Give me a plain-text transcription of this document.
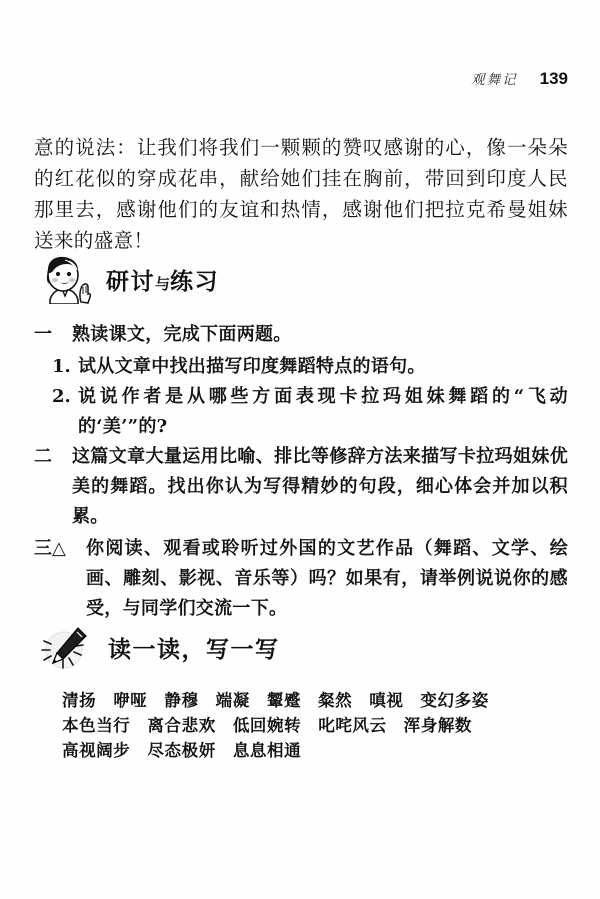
观舞记 139

意的说法：让我们将我们一颗颗的赞叹感谢的心，像一朵朵的红花似的穿成花串，献给她们挂在胸前，带回到印度人民那里去，感谢他们的友谊和热情，感谢他们把拉克希曼姐妹送来的盛意！

研讨与练习
一	熟读课文，完成下面两题。
1. 试从文章中找出描写印度舞蹈特点的语句。
2. 说说作者是从哪些方面表现卡拉玛姐妹舞蹈的“飞动的‘美’”的?
二	这篇文章大量运用比喻、排比等修辞方法来描写卡拉玛姐妹优美的舞蹈。找出你认为写得精妙的句段，细心体会并加以积累。
三△	你阅读、观看或聆听过外国的文艺作品（舞蹈、文学、绘画、雕刻、影视、音乐等）吗？如果有，请举例说说你的感受，与同学们交流一下。
读一读，写一写
清扬 咿哑 静穆 端凝 颦蹙 粲然 嗔视 变幻多姿
本色当行 离合悲欢 低回婉转 叱咤风云 浑身解数
高视阔步 尽态极妍 息息相通
